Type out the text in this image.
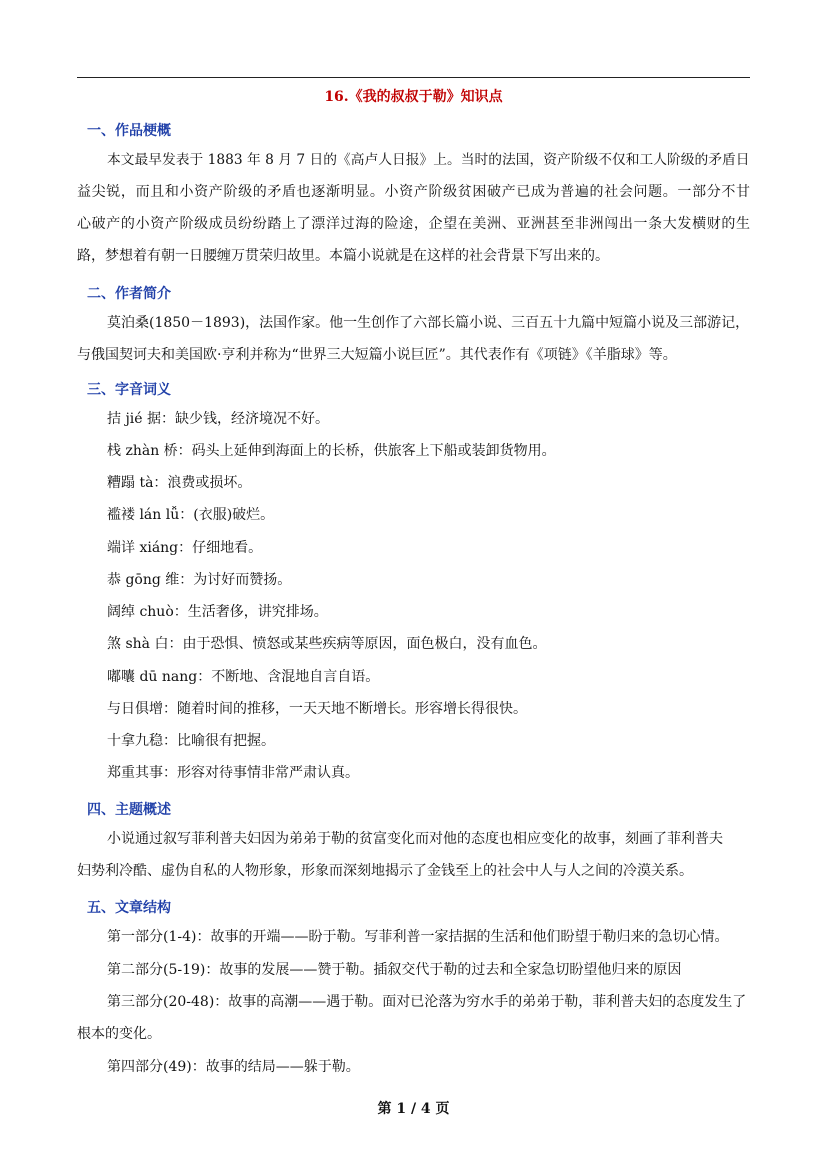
16.《我的叔叔于勒》知识点
一、作品梗概
本文最早发表于 1883 年 8 月 7 日的《高卢人日报》上。当时的法国，资产阶级不仅和工人阶级的矛盾日
益尖锐，而且和小资产阶级的矛盾也逐渐明显。小资产阶级贫困破产已成为普遍的社会问题。一部分不甘
心破产的小资产阶级成员纷纷踏上了漂洋过海的险途，企望在美洲、亚洲甚至非洲闯出一条大发横财的生
路，梦想着有朝一日腰缠万贯荣归故里。本篇小说就是在这样的社会背景下写出来的。
二、作者简介
莫泊桑(1850－1893)，法国作家。他一生创作了六部长篇小说、三百五十九篇中短篇小说及三部游记，
与俄国契诃夫和美国欧·亨利并称为“世界三大短篇小说巨匠”。其代表作有《项链》《羊脂球》等。
三、字音词义
拮 jié 据：缺少钱，经济境况不好。
栈 zhàn 桥：码头上延伸到海面上的长桥，供旅客上下船或装卸货物用。
糟蹋 tà：浪费或损坏。
褴褛 lán lǚ：(衣服)破烂。
端详 xiáng：仔细地看。
恭 gōng 维：为讨好而赞扬。
阔绰 chuò：生活奢侈，讲究排场。
煞 shà 白：由于恐惧、愤怒或某些疾病等原因，面色极白，没有血色。
嘟囔 dū nang：不断地、含混地自言自语。
与日俱增：随着时间的推移，一天天地不断增长。形容增长得很快。
十拿九稳：比喻很有把握。
郑重其事：形容对待事情非常严肃认真。
四、主题概述
小说通过叙写菲利普夫妇因为弟弟于勒的贫富变化而对他的态度也相应变化的故事，刻画了菲利普夫
妇势利冷酷、虚伪自私的人物形象，形象而深刻地揭示了金钱至上的社会中人与人之间的冷漠关系。
五、文章结构
第一部分(1-4)：故事的开端——盼于勒。写菲利普一家拮据的生活和他们盼望于勒归来的急切心情。
第二部分(5-19)：故事的发展——赞于勒。插叙交代于勒的过去和全家急切盼望他归来的原因
第三部分(20-48)：故事的高潮——遇于勒。面对已沦落为穷水手的弟弟于勒，菲利普夫妇的态度发生了
根本的变化。
第四部分(49)：故事的结局——躲于勒。
第 1 / 4 页
